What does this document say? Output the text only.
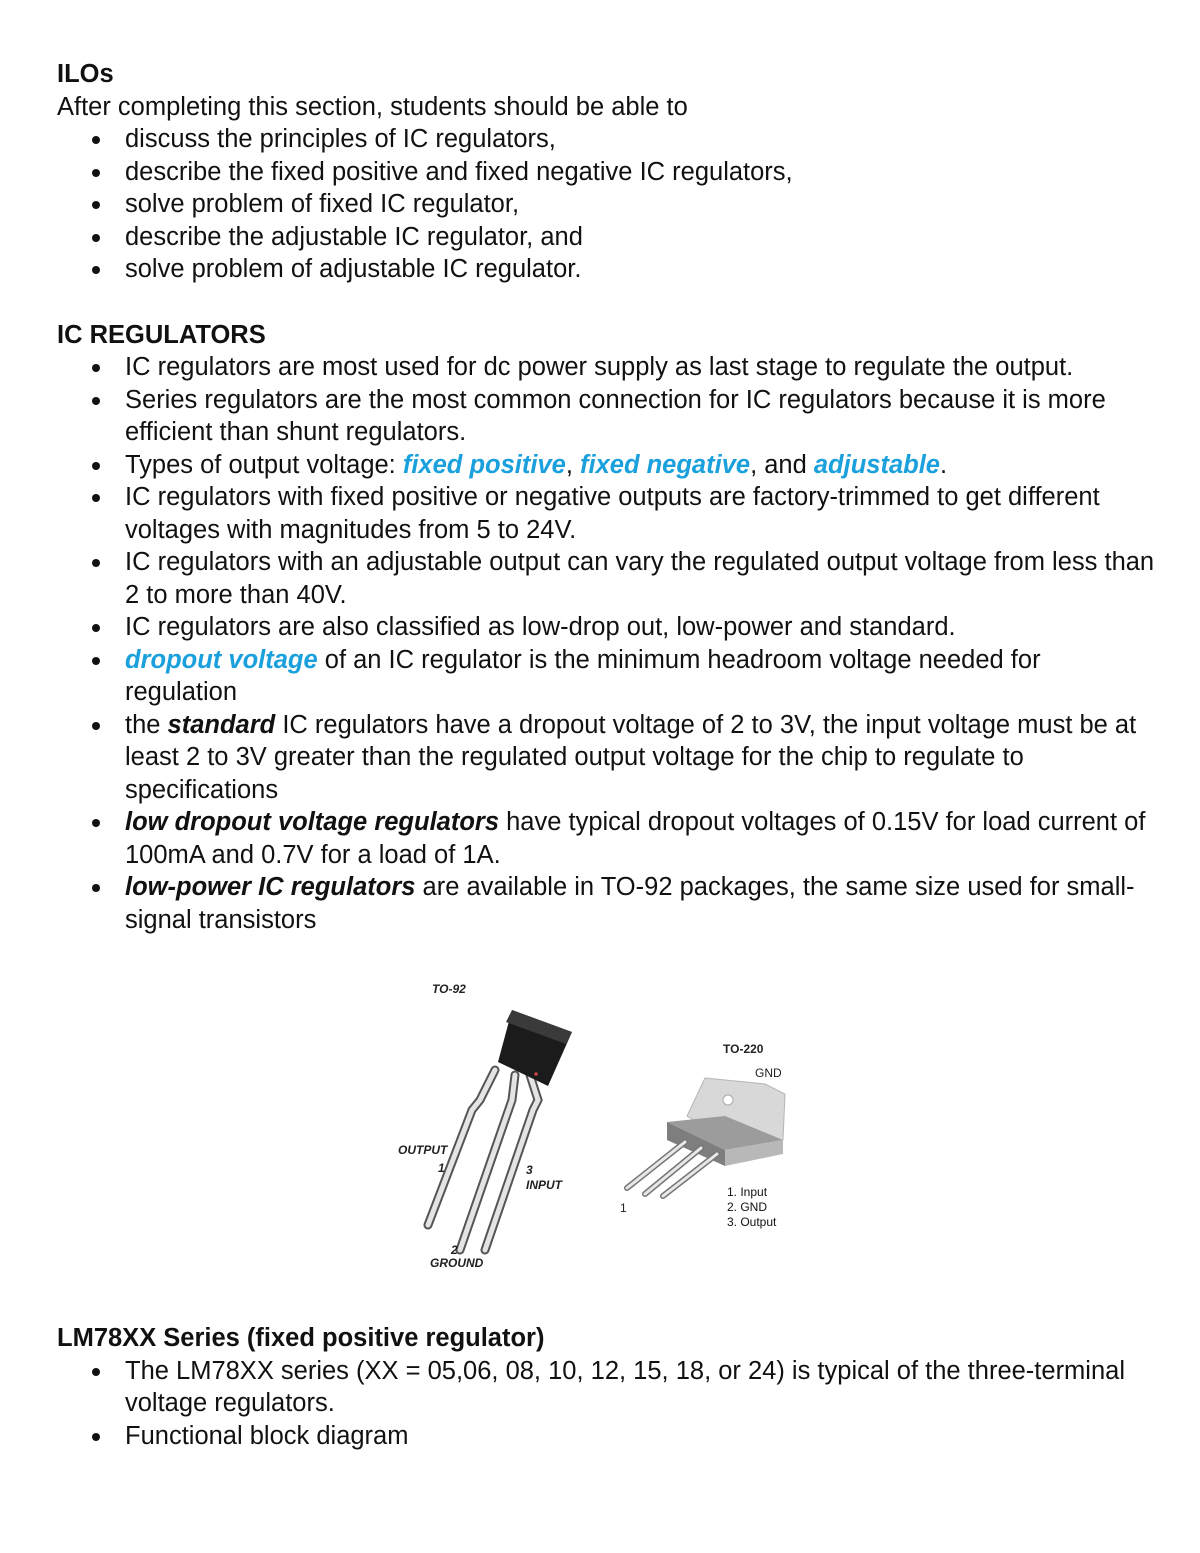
ILOs

After completing this section, students should be able to

discuss the principles of IC regulators,
describe the fixed positive and fixed negative IC regulators,
solve problem of fixed IC regulator,
describe the adjustable IC regulator, and
solve problem of adjustable IC regulator.
IC REGULATORS
IC regulators are most used for dc power supply as last stage to regulate the output.
Series regulators are the most common connection for IC regulators because it is more efficient than shunt regulators.
Types of output voltage: fixed positive, fixed negative, and adjustable.
IC regulators with fixed positive or negative outputs are factory-trimmed to get different voltages with magnitudes from 5 to 24V.
IC regulators with an adjustable output can vary the regulated output voltage from less than 2 to more than 40V.
IC regulators are also classified as low-drop out, low-power and standard.
dropout voltage of an IC regulator is the minimum headroom voltage needed for regulation
the standard IC regulators have a dropout voltage of 2 to 3V, the input voltage must be at least 2 to 3V greater than the regulated output voltage for the chip to regulate to specifications
low dropout voltage regulators have typical dropout voltages of 0.15V for load current of 100mA and 0.7V for a load of 1A.
low-power IC regulators are available in TO-92 packages, the same size used for small-signal transistors
TO-92
OUTPUT
1	3
INPUT
2
GROUND
TO-220
GND
1
1. Input
2. GND
3. Output
LM78XX Series (fixed positive regulator)
The LM78XX series (XX = 05,06, 08, 10, 12, 15, 18, or 24) is typical of the three-terminal voltage regulators.
Functional block diagram
